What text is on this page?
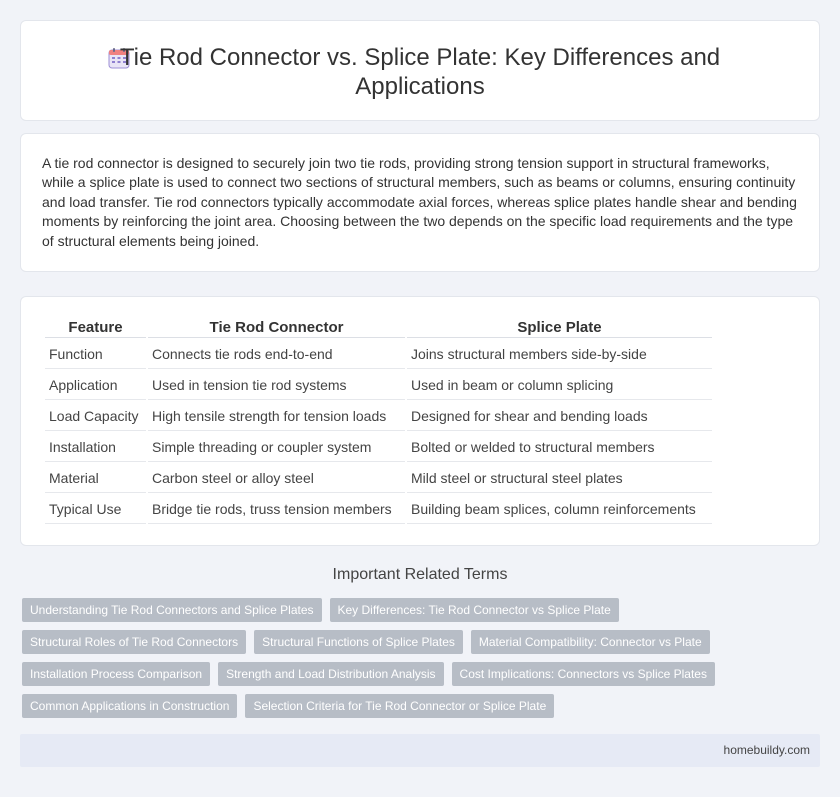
Tie Rod Connector vs. Splice Plate: Key Differences and Applications

A tie rod connector is designed to securely join two tie rods, providing strong tension support in structural frameworks, while a splice plate is used to connect two sections of structural members, such as beams or columns, ensuring continuity and load transfer. Tie rod connectors typically accommodate axial forces, whereas splice plates handle shear and bending moments by reinforcing the joint area. Choosing between the two depends on the specific load requirements and the type of structural elements being joined.

Feature	Tie Rod Connector	Splice Plate
Function	Connects tie rods end-to-end	Joins structural members side-by-side
Application	Used in tension tie rod systems	Used in beam or column splicing
Load Capacity	High tensile strength for tension loads	Designed for shear and bending loads
Installation	Simple threading or coupler system	Bolted or welded to structural members
Material	Carbon steel or alloy steel	Mild steel or structural steel plates
Typical Use	Bridge tie rods, truss tension members	Building beam splices, column reinforcements
Important Related Terms
Understanding Tie Rod Connectors and Splice Plates	Key Differences: Tie Rod Connector vs Splice Plate
Structural Roles of Tie Rod Connectors	Structural Functions of Splice Plates	Material Compatibility: Connector vs Plate
Installation Process Comparison	Strength and Load Distribution Analysis	Cost Implications: Connectors vs Splice Plates
Common Applications in Construction	Selection Criteria for Tie Rod Connector or Splice Plate
homebuildy.com
